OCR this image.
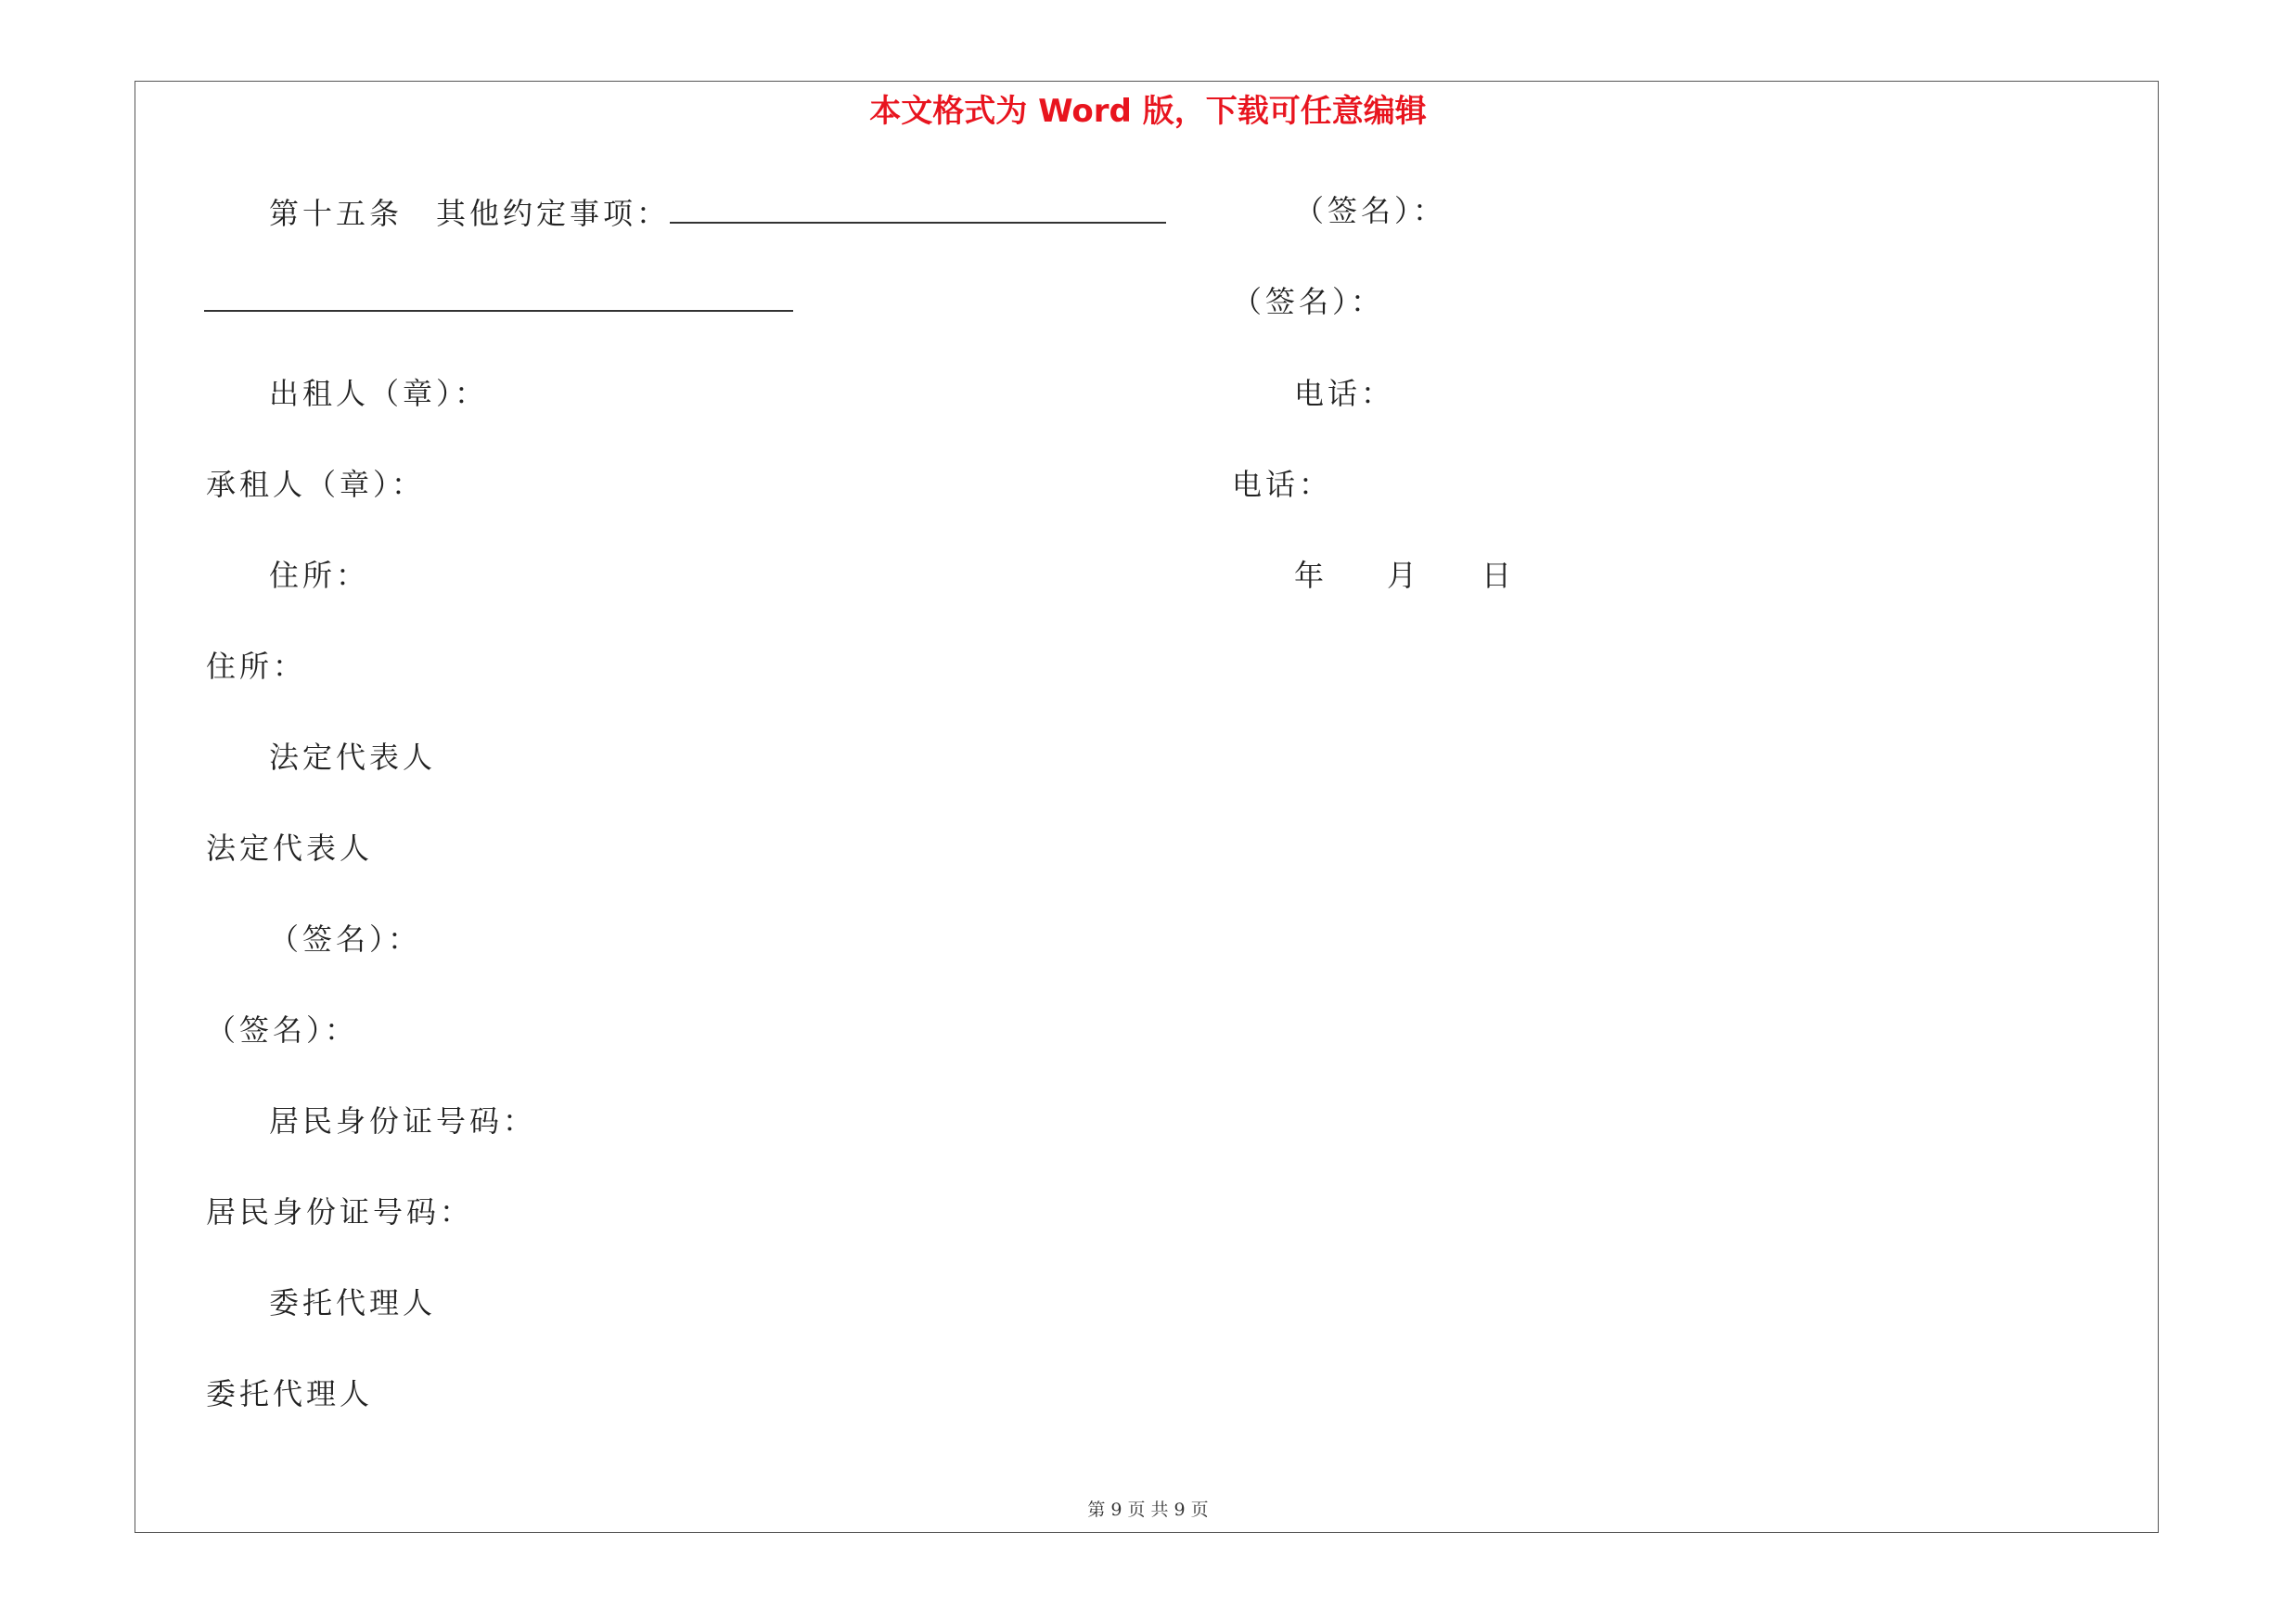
本文格式为 Word 版，下载可任意编辑
第十五条　其他约定事项：
出租人（章）：
承租人（章）：
住所：
住所：
法定代表人
法定代表人
（签名）：
（签名）：
居民身份证号码：
居民身份证号码：
委托代理人
委托代理人
（签名）：
（签名）：
电话：
电话：
年 月 日
第 9 页 共 9 页
